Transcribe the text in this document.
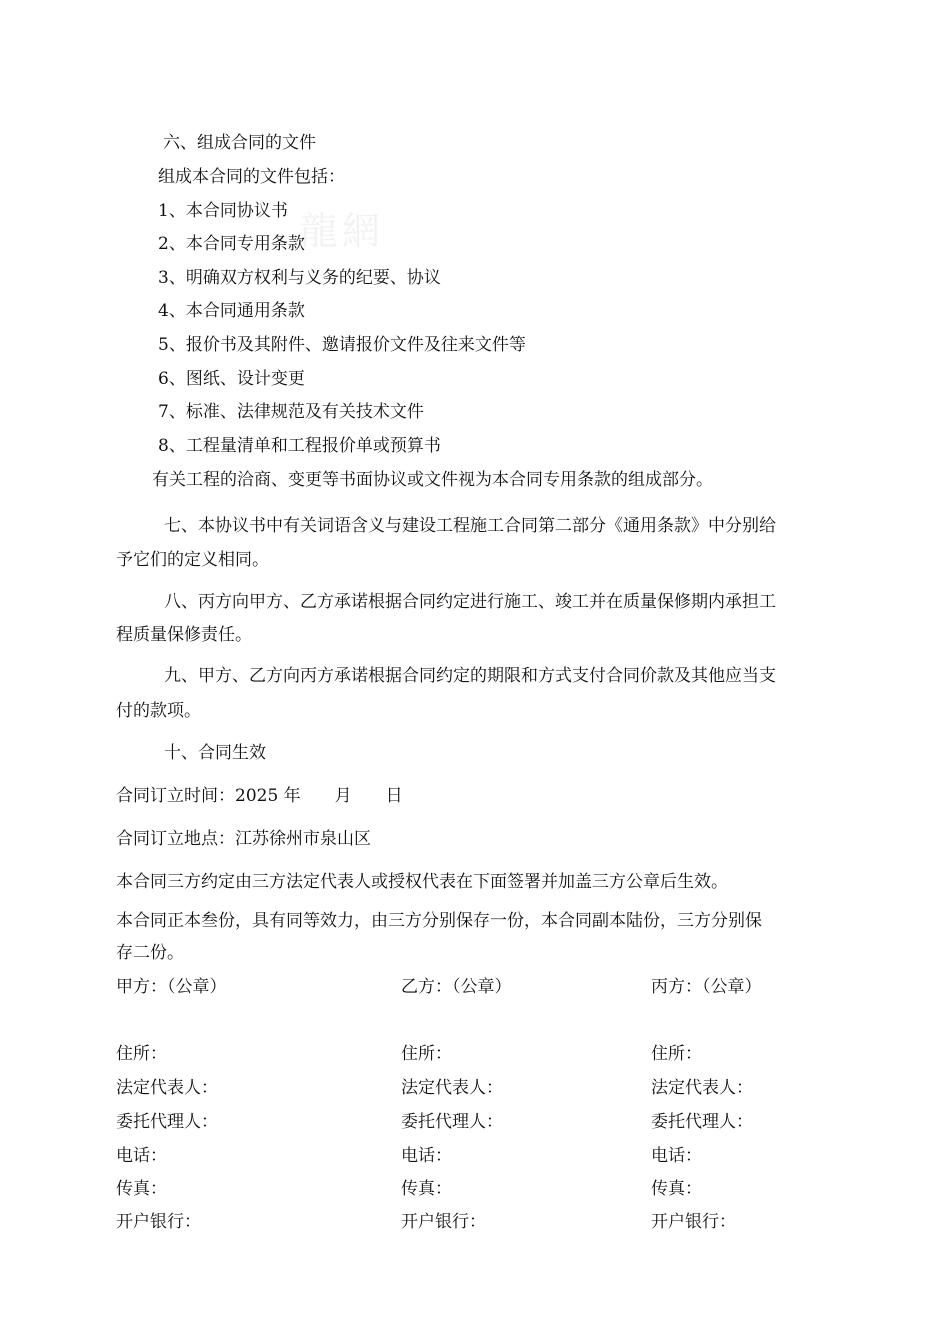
龍網
六、组成合同的文件
组成本合同的文件包括：
1、本合同协议书
2、本合同专用条款
3、明确双方权利与义务的纪要、协议
4、本合同通用条款
5、报价书及其附件、邀请报价文件及往来文件等
6、图纸、设计变更
7、标准、法律规范及有关技术文件
8、工程量清单和工程报价单或预算书
有关工程的洽商、变更等书面协议或文件视为本合同专用条款的组成部分。
七、本协议书中有关词语含义与建设工程施工合同第二部分《通用条款》中分别给
予它们的定义相同。
八、丙方向甲方、乙方承诺根据合同约定进行施工、竣工并在质量保修期内承担工
程质量保修责任。
九、甲方、乙方向丙方承诺根据合同约定的期限和方式支付合同价款及其他应当支
付的款项。
十、合同生效
合同订立时间：2025 年　　月　　日
合同订立地点：江苏徐州市泉山区
本合同三方约定由三方法定代表人或授权代表在下面签署并加盖三方公章后生效。
本合同正本叁份，具有同等效力，由三方分别保存一份，本合同副本陆份，三方分别保
存二份。
甲方：（公章）
住所：
法定代表人：
委托代理人：
电话：
传真：
开户银行：
乙方：（公章）
住所：
法定代表人：
委托代理人：
电话：
传真：
开户银行：
丙方：（公章）
住所：
法定代表人：
委托代理人：
电话：
传真：
开户银行：
